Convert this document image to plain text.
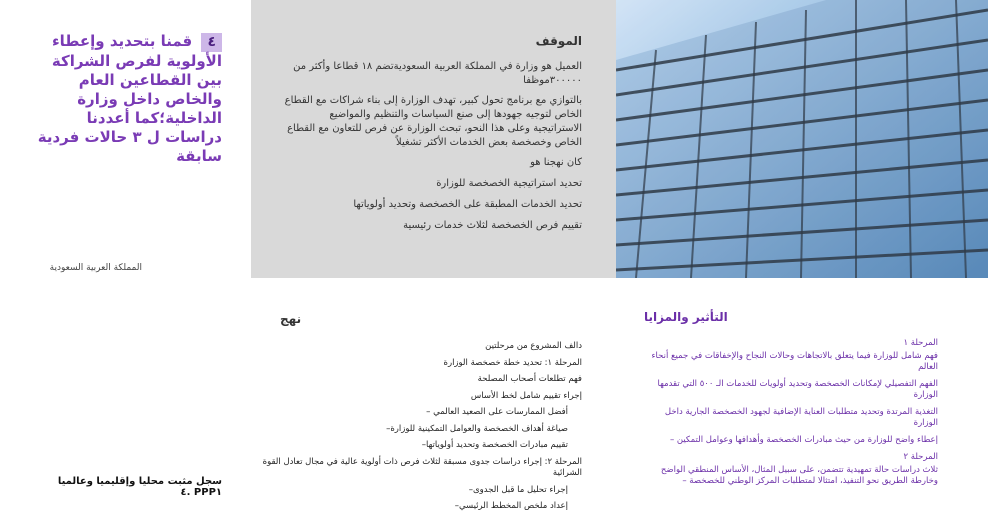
٤ قمنا بتحديد وإعطاء الأولوية لفرص الشراكة بين القطاعين العام والخاص داخل وزارة الداخلية؛كما أعددنا دراسات ل ٣ حالات فردية سابقة
المملكة العربية السعودية
سجل مثبت محليا وإقليميا وعالميا PPP١ .٤
الموقف
العميل هو وزارة في المملكة العربية السعوديةتضم ١٨ قطاعا وأكثر من ٣٠٠٠٠٠موظفا
بالتوازي مع برنامج تحول كبير، تهدف الوزارة إلى بناء شراكات مع القطاع الخاص لتوجيه جهودها إلى صنع السياسات والتنظيم والمواضيع الاستراتيجية وعلى هذا النحو، تبحث الوزارة عن فرص للتعاون مع القطاع الخاص وخصخصة بعض الخدمات الأكثر تشغيلاً
كان نهجنا هو
تحديد استراتيجية الخصخصة للوزارة
تحديد الخدمات المطبقة على الخصخصة وتحديد أولوياتها
تقييم فرص الخصخصة لثلاث خدمات رئيسية
نهج
دالف المشروع من مرحلتين
المرحلة ١: تحديد خطة خصخصة الوزارة
فهم تطلعات أصحاب المصلحة
إجراء تقييم شامل لخط الأساس
أفضل الممارسات على الصعيد العالمي –
صياغة أهداف الخصخصة والعوامل التمكينية للوزارة–
تقييم مبادرات الخصخصة وتحديد أولوياتها–
المرحلة ٢: إجراء دراسات جدوى مسبقة لثلاث فرص ذات أولوية عالية في مجال تعادل القوة الشرائية
إجراء تحليل ما قبل الجدوى–
إعداد ملخص المخطط الرئيسي–
التأثير والمزايا
المرحلة ١
فهم شامل للوزارة فيما يتعلق بالاتجاهات وحالات النجاح والإخفاقات في جميع أنحاء العالم
الفهم التفصيلي لإمكانات الخصخصة وتحديد أولويات للخدمات الـ ٥٠٠ التي تقدمها الوزارة
التغذية المرتدة وتحديد متطلبات العناية الإضافية لجهود الخصخصة الجارية داخل الوزارة
إعطاء واضح للوزارة من حيث مبادرات الخصخصة وأهدافها وعوامل التمكين –
المرحلة ٢
ثلاث دراسات حالة تمهيدية تتضمن، على سبيل المثال، الأساس المنطقي الواضح وخارطة الطريق نحو التنفيذ، امتثالا لمتطلبات المركز الوطني للخصخصة –
